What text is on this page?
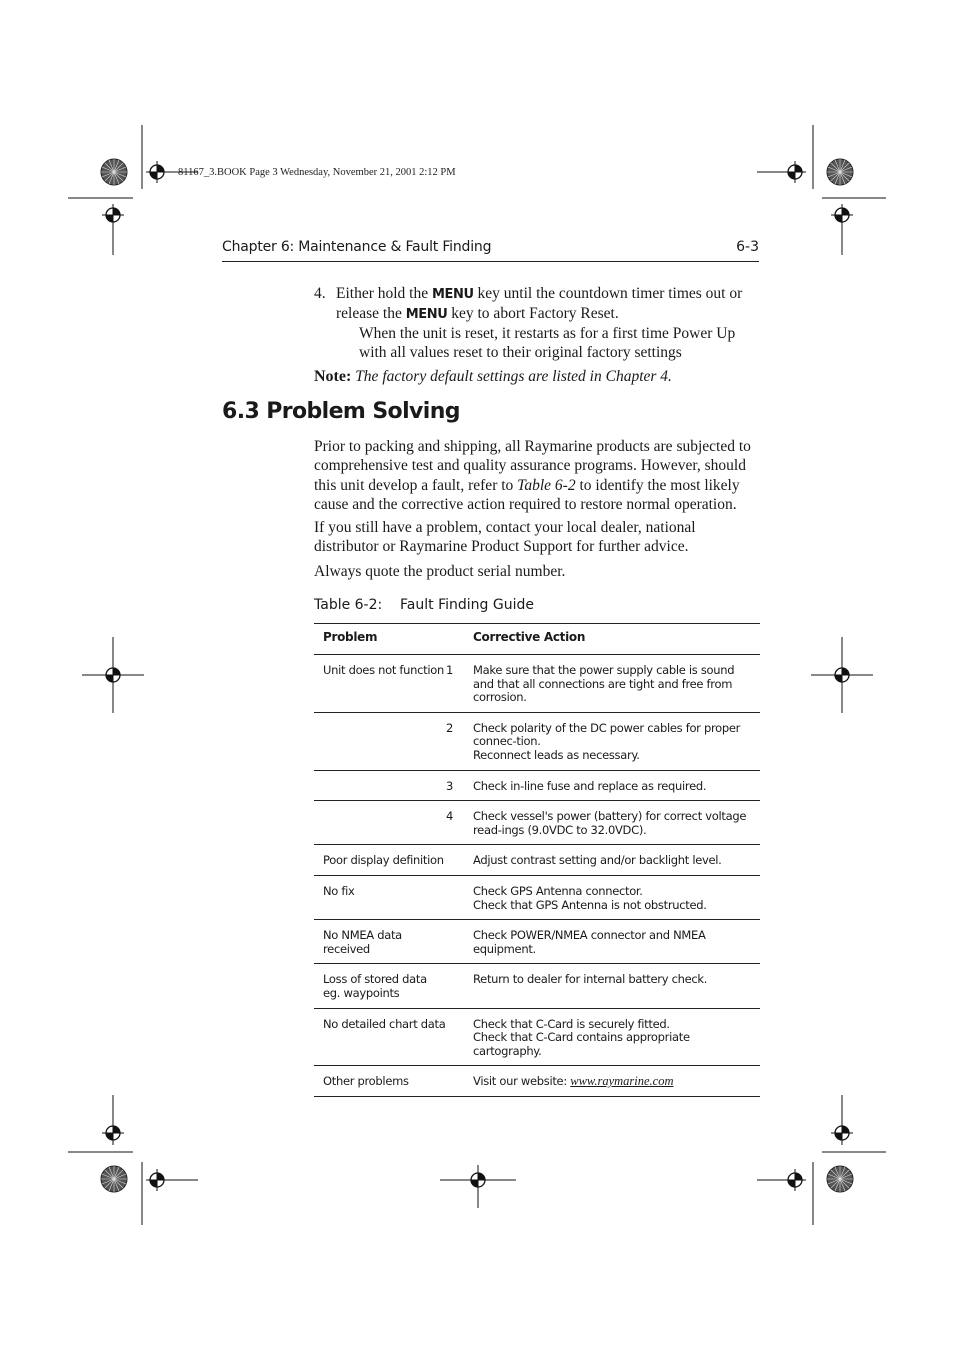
81167_3.BOOK Page 3 Wednesday, November 21, 2001 2:12 PM
Chapter 6: Maintenance & Fault Finding	6-3
4. Either hold the MENU key until the countdown timer times out or
release the MENU key to abort Factory Reset.
When the unit is reset, it restarts as for a first time Power Up with all values reset to their original factory settings
Note: The factory default settings are listed in Chapter 4.
6.3 Problem Solving
Prior to packing and shipping, all Raymarine products are subjected to comprehensive test and quality assurance programs. However, should this unit develop a fault, refer to Table 6-2 to identify the most likely cause and the corrective action required to restore normal operation.
If you still have a problem, contact your local dealer, national distributor or Raymarine Product Support for further advice.
Always quote the product serial number.
Table 6-2:    Fault Finding Guide
Problem		Corrective Action
Unit does not function	1	Make sure that the power supply cable is sound and that all connections are tight and free from corrosion.
	2	Check polarity of the DC power cables for proper connec-tion.
Reconnect leads as necessary.

	3	Check in-line fuse and replace as required.
	4	Check vessel's power (battery) for correct voltage read-ings (9.0VDC to 32.0VDC).
Poor display definition		Adjust contrast setting and/or backlight level.
No fix		Check GPS Antenna connector.
Check that GPS Antenna is not obstructed.

No NMEA data received		Check POWER/NMEA connector and NMEA equipment.
Loss of stored data eg. waypoints		Return to dealer for internal battery check.
No detailed chart data		Check that C-Card is securely fitted.
Check that C-Card contains appropriate cartography.

Other problems		Visit our website: www.raymarine.com
